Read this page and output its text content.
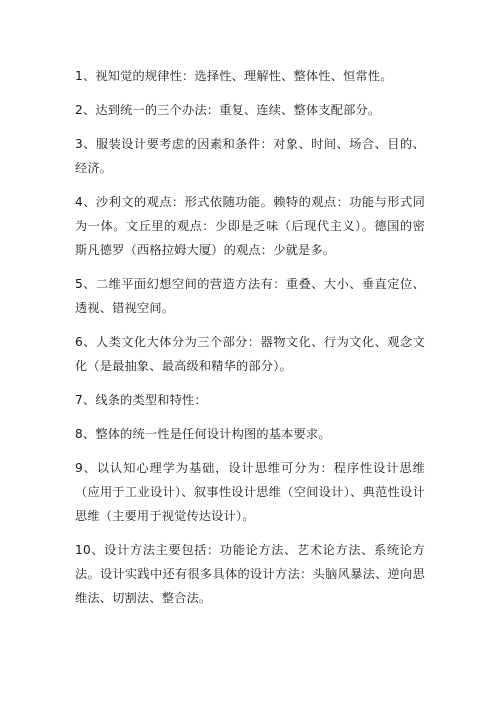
1、视知觉的规律性：选择性、理解性、整体性、恒常性。

2、达到统一的三个办法：重复、连续、整体支配部分。

3、服装设计要考虑的因素和条件：对象、时间、场合、目的、经济。

4、沙利文的观点：形式依随功能。赖特的观点：功能与形式同为一体。文丘里的观点：少即是乏味（后现代主义）。德国的密斯凡德罗（西格拉姆大厦）的观点：少就是多。

5、二维平面幻想空间的营造方法有：重叠、大小、垂直定位、透视、错视空间。

6、人类文化大体分为三个部分：器物文化、行为文化、观念文化（是最抽象、最高级和精华的部分）。

7、线条的类型和特性：

8、整体的统一性是任何设计构图的基本要求。

9、以认知心理学为基础，设计思维可分为：程序性设计思维（应用于工业设计）、叙事性设计思维（空间设计）、典范性设计思维（主要用于视觉传达设计）。

10、设计方法主要包括：功能论方法、艺术论方法、系统论方法。设计实践中还有很多具体的设计方法：头脑风暴法、逆向思维法、切割法、整合法。
